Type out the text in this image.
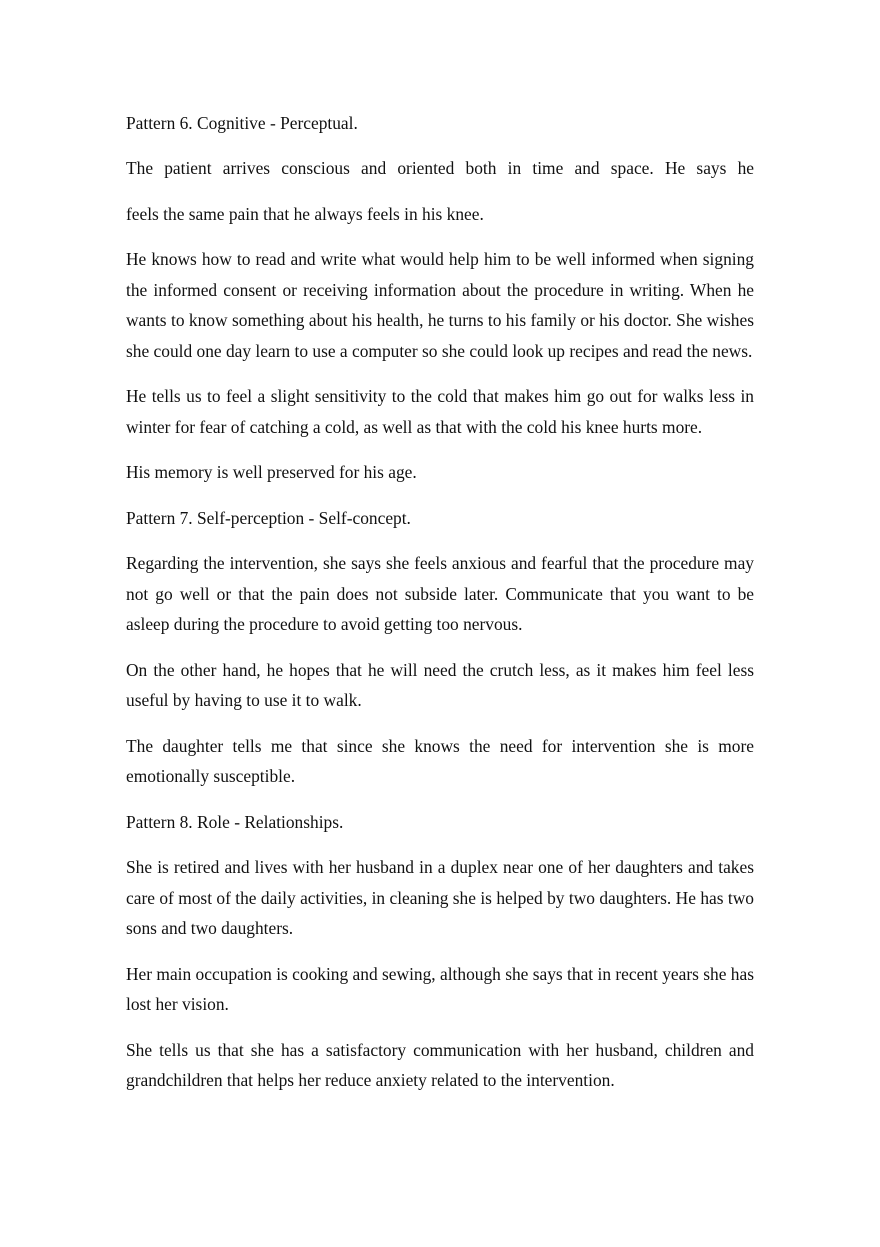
Pattern 6. Cognitive - Perceptual.

The patient arrives conscious and oriented both in time and space. He says he

feels the same pain that he always feels in his knee.

He knows how to read and write what would help him to be well informed when signing the informed consent or receiving information about the procedure in writing. When he wants to know something about his health, he turns to his family or his doctor. She wishes she could one day learn to use a computer so she could look up recipes and read the news.

He tells us to feel a slight sensitivity to the cold that makes him go out for walks less in winter for fear of catching a cold, as well as that with the cold his knee hurts more.

His memory is well preserved for his age.

Pattern 7. Self-perception - Self-concept.

Regarding the intervention, she says she feels anxious and fearful that the procedure may not go well or that the pain does not subside later. Communicate that you want to be asleep during the procedure to avoid getting too nervous.

On the other hand, he hopes that he will need the crutch less, as it makes him feel less useful by having to use it to walk.

The daughter tells me that since she knows the need for intervention she is more emotionally susceptible.

Pattern 8. Role - Relationships.

She is retired and lives with her husband in a duplex near one of her daughters and takes care of most of the daily activities, in cleaning she is helped by two daughters. He has two sons and two daughters.

Her main occupation is cooking and sewing, although she says that in recent years she has lost her vision.

She tells us that she has a satisfactory communication with her husband, children and grandchildren that helps her reduce anxiety related to the intervention.
